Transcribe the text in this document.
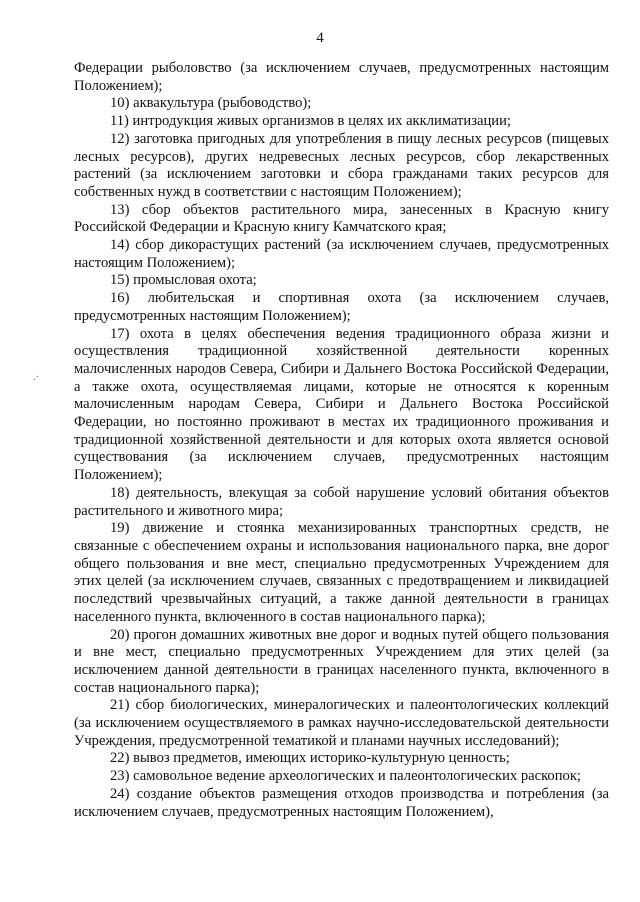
4
.·

Федерации рыболовство (за исключением случаев, предусмотренных настоящим Положением);

10) аквакультура (рыбоводство);

11) интродукция живых организмов в целях их акклиматизации;

12) заготовка пригодных для употребления в пищу лесных ресурсов (пищевых лесных ресурсов), других недревесных лесных ресурсов, сбор лекарственных растений (за исключением заготовки и сбора гражданами таких ресурсов для собственных нужд в соответствии с настоящим Положением);

13) сбор объектов растительного мира, занесенных в Красную книгу Российской Федерации и Красную книгу Камчатского края;

14) сбор дикорастущих растений (за исключением случаев, предусмотренных настоящим Положением);

15) промысловая охота;

16) любительская и спортивная охота (за исключением случаев, предусмотренных настоящим Положением);

17) охота в целях обеспечения ведения традиционного образа жизни и осуществления традиционной хозяйственной деятельности коренных малочисленных народов Севера, Сибири и Дальнего Востока Российской Федерации, а также охота, осуществляемая лицами, которые не относятся к коренным малочисленным народам Севера, Сибири и Дальнего Востока Российской Федерации, но постоянно проживают в местах их традиционного проживания и традиционной хозяйственной деятельности и для которых охота является основой существования (за исключением случаев, предусмотренных настоящим Положением);

18) деятельность, влекущая за собой нарушение условий обитания объектов растительного и животного мира;

19) движение и стоянка механизированных транспортных средств, не связанные с обеспечением охраны и использования национального парка, вне дорог общего пользования и вне мест, специально предусмотренных Учреждением для этих целей (за исключением случаев, связанных с предотвращением и ликвидацией последствий чрезвычайных ситуаций, а также данной деятельности в границах населенного пункта, включенного в состав национального парка);

20) прогон домашних животных вне дорог и водных путей общего пользования и вне мест, специально предусмотренных Учреждением для этих целей (за исключением данной деятельности в границах населенного пункта, включенного в состав национального парка);

21) сбор биологических, минералогических и палеонтологических коллекций (за исключением осуществляемого в рамках научно-исследовательской деятельности Учреждения, предусмотренной тематикой и планами научных исследований);

22) вывоз предметов, имеющих историко-культурную ценность;

23) самовольное ведение археологических и палеонтологических раскопок;

24) создание объектов размещения отходов производства и потребления (за исключением случаев, предусмотренных настоящим Положением),
